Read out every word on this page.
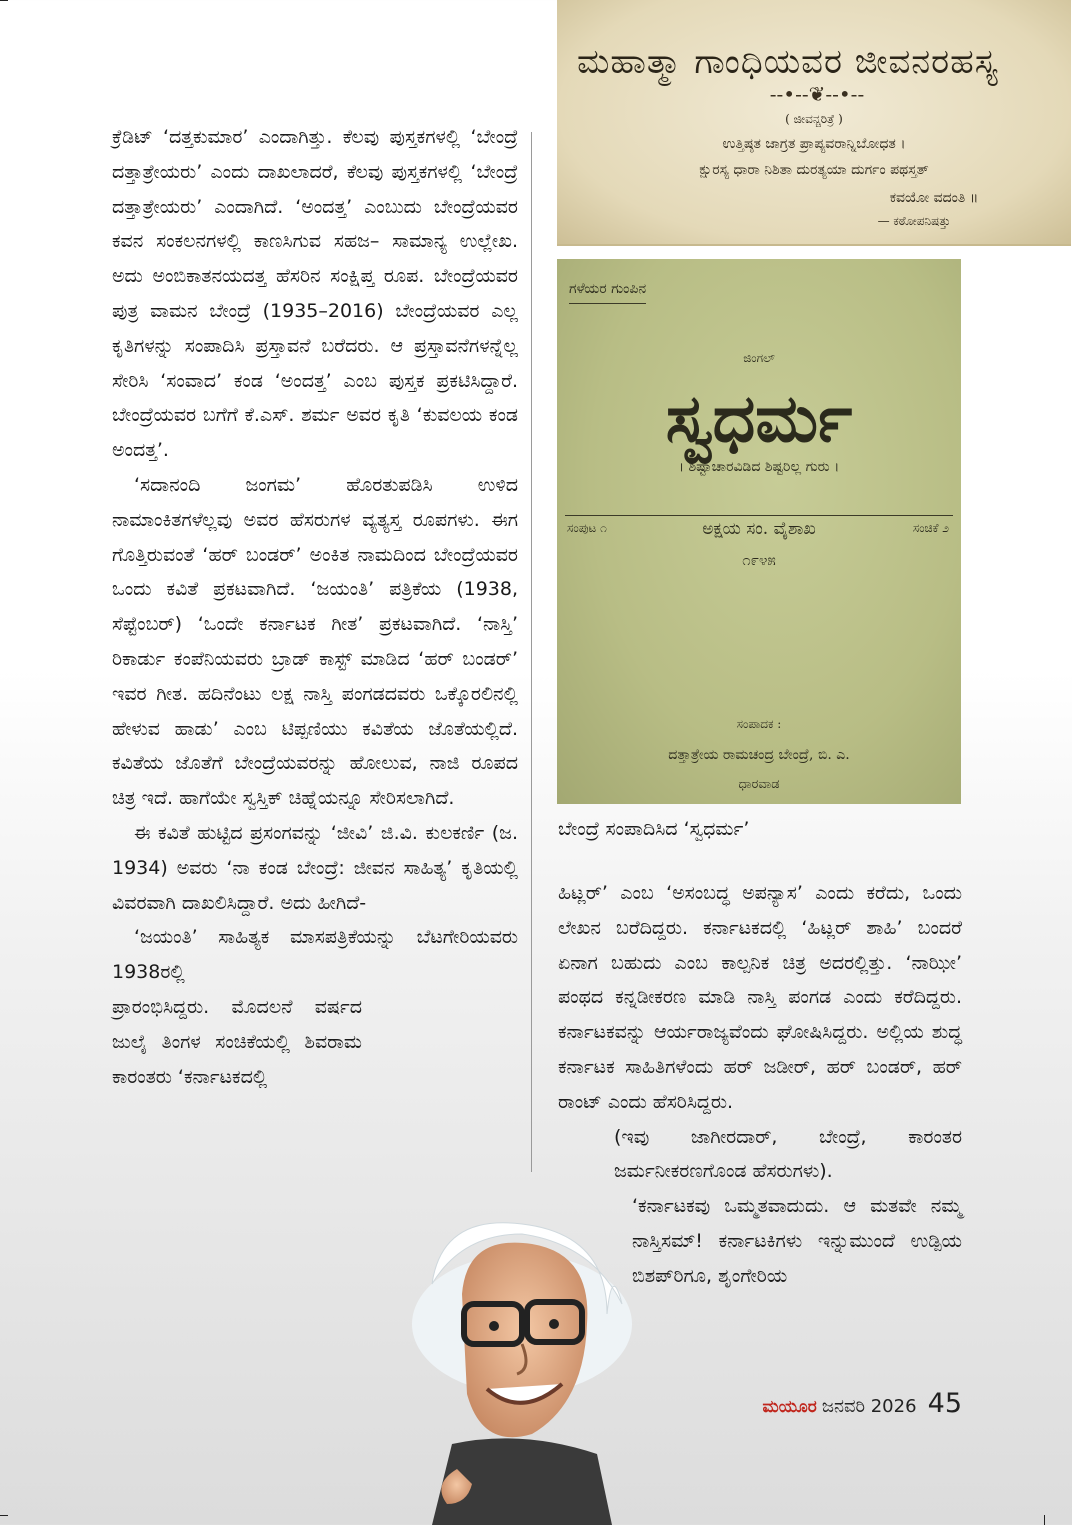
ಮಹಾತ್ಮಾ ಗಾಂಧಿಯವರ ಜೀವನರಹಸ್ಯ
--•--❦--•--
( ಜೀವನ್ಚರಿತ್ರೆ )
ಉತ್ತಿಷ್ಠತ ಜಾಗ್ರತ ಪ್ರಾಪ್ಯವರಾನ್ನಿಬೋಧತ ।
ಕ್ಷುರಸ್ಯ ಧಾರಾ ನಿಶಿತಾ ದುರತ್ಯಯಾ ದುರ್ಗಂ ಪಥಸ್ತತ್
ಕವಯೋ ವದಂತಿ ॥
— ಕಠೋಪನಿಷತ್ತು
ಗಳೆಯರ ಗುಂಪಿನ
ಜಿಂಗಲ್
ಸ್ವಧರ್ಮ
। ಶಿಷ್ಟಾಚಾರವಿಡಿದ ಶಿಷ್ಟರಿಲ್ಲ ಗುರು ।
ಸಂಪುಟ ೧	ಸಂಚಿಕೆ ೨
ಅಕ್ಷಯ ಸಂ. ವೈಶಾಖ
೧೯೪೫
ಸಂಪಾದಕ :
ದತ್ತಾತ್ರೇಯ ರಾಮಚಂದ್ರ ಬೇಂದ್ರೆ, ಬಿ. ಎ.
ಧಾರವಾಡ
ಬೇಂದ್ರೆ ಸಂಪಾದಿಸಿದ ‘ಸ್ವಧರ್ಮ’

ಕ್ರೆಡಿಟ್ ‘ದತ್ತಕುಮಾರ’ ಎಂದಾಗಿತ್ತು. ಕೆಲವು ಪುಸ್ತಕಗಳಲ್ಲಿ ‘ಬೇಂದ್ರೆ ದತ್ತಾತ್ರೇಯರು’ ಎಂದು ದಾಖಲಾದರೆ, ಕೆಲವು ಪುಸ್ತಕಗಳಲ್ಲಿ ‘ಬೇಂದ್ರೆ ದತ್ತಾತ್ರೇಯರು’ ಎಂದಾಗಿದೆ. ‘ಅಂದತ್ತ’ ಎಂಬುದು ಬೇಂದ್ರೆಯವರ ಕವನ ಸಂಕಲನಗಳಲ್ಲಿ ಕಾಣಸಿಗುವ ಸಹಜ– ಸಾಮಾನ್ಯ ಉಲ್ಲೇಖ. ಅದು ಅಂಬಿಕಾತನಯದತ್ತ ಹೆಸರಿನ ಸಂಕ್ಷಿಪ್ತ ರೂಪ. ಬೇಂದ್ರೆಯವರ ಪುತ್ರ ವಾಮನ ಬೇಂದ್ರೆ (1935–2016) ಬೇಂದ್ರೆಯವರ ಎಲ್ಲ ಕೃತಿಗಳನ್ನು ಸಂಪಾದಿಸಿ ಪ್ರಸ್ತಾವನೆ ಬರೆದರು. ಆ ಪ್ರಸ್ತಾವನೆಗಳನ್ನೆಲ್ಲ ಸೇರಿಸಿ ‘ಸಂವಾದ’ ಕಂಡ ‘ಅಂದತ್ತ’ ಎಂಬ ಪುಸ್ತಕ ಪ್ರಕಟಿಸಿದ್ದಾರೆ. ಬೇಂದ್ರೆಯವರ ಬಗೆಗೆ ಕೆ.ಎಸ್. ಶರ್ಮ ಅವರ ಕೃತಿ ‘ಕುವಲಯ ಕಂಡ ಅಂದತ್ತ’.

‘ಸದಾನಂದಿ ಜಂಗಮ’ ಹೊರತುಪಡಿಸಿ ಉಳಿದ ನಾಮಾಂಕಿತಗಳೆಲ್ಲವು ಅವರ ಹೆಸರುಗಳ ವ್ಯತ್ಯಸ್ತ ರೂಪಗಳು. ಈಗ ಗೊತ್ತಿರುವಂತೆ ‘ಹರ್ ಬಂಡರ್’ ಅಂಕಿತ ನಾಮದಿಂದ ಬೇಂದ್ರೆಯವರ ಒಂದು ಕವಿತೆ ಪ್ರಕಟವಾಗಿದೆ. ‘ಜಯಂತಿ’ ಪತ್ರಿಕೆಯ (1938, ಸೆಪ್ಟೆಂಬರ್) ‘ಒಂದೇ ಕರ್ನಾಟಕ ಗೀತ’ ಪ್ರಕಟವಾಗಿದೆ. ‘ನಾಸ್ತಿ’ ರಿಕಾರ್ಡು ಕಂಪೆನಿಯವರು ಬ್ರಾಡ್ ಕಾಸ್ಟ್ ಮಾಡಿದ ‘ಹರ್ ಬಂಡರ್’ ಇವರ ಗೀತ. ಹದಿನೆಂಟು ಲಕ್ಷ ನಾಸ್ತಿ ಪಂಗಡದವರು ಒಕ್ಕೊರಲಿನಲ್ಲಿ ಹೇಳುವ ಹಾಡು’ ಎಂಬ ಟಿಪ್ಪಣಿಯು ಕವಿತೆಯ ಜೊತೆಯಲ್ಲಿದೆ. ಕವಿತೆಯ ಜೊತೆಗೆ ಬೇಂದ್ರೆಯವರನ್ನು ಹೋಲುವ, ನಾಜಿ ರೂಪದ ಚಿತ್ರ ಇದೆ. ಹಾಗೆಯೇ ಸ್ವಸ್ತಿಕ್ ಚಿಹ್ನೆಯನ್ನೂ ಸೇರಿಸಲಾಗಿದೆ.

ಈ ಕವಿತೆ ಹುಟ್ಟಿದ ಪ್ರಸಂಗವನ್ನು ‘ಜೀವಿ’ ಜಿ.ವಿ. ಕುಲಕರ್ಣಿ (ಜ. 1934) ಅವರು ‘ನಾ ಕಂಡ ಬೇಂದ್ರೆ: ಜೀವನ ಸಾಹಿತ್ಯ’ ಕೃತಿಯಲ್ಲಿ ವಿವರವಾಗಿ ದಾಖಲಿಸಿದ್ದಾರೆ. ಅದು ಹೀಗಿದೆ-

‘ಜಯಂತಿ’ ಸಾಹಿತ್ಯಕ ಮಾಸಪತ್ರಿಕೆಯನ್ನು ಬೆಟಗೇರಿಯವರು 1938ರಲ್ಲಿ

ಪ್ರಾರಂಭಿಸಿದ್ದರು. ಮೊದಲನೆ ವರ್ಷದ ಜುಲೈ ತಿಂಗಳ ಸಂಚಿಕೆಯಲ್ಲಿ ಶಿವರಾಮ ಕಾರಂತರು ‘ಕರ್ನಾಟಕದಲ್ಲಿ

ಹಿಟ್ಲರ್’ ಎಂಬ ‘ಅಸಂಬದ್ಧ ಅಪನ್ಯಾಸ’ ಎಂದು ಕರೆದು, ಒಂದು ಲೇಖನ ಬರೆದಿದ್ದರು. ಕರ್ನಾಟಕದಲ್ಲಿ ‘ಹಿಟ್ಲರ್ ಶಾಹಿ’ ಬಂದರೆ ಏನಾಗ ಬಹುದು ಎಂಬ ಕಾಲ್ಪನಿಕ ಚಿತ್ರ ಅದರಲ್ಲಿತ್ತು. ‘ನಾಝೀ’ ಪಂಥದ ಕನ್ನಡೀಕರಣ ಮಾಡಿ ನಾಸ್ತಿ ಪಂಗಡ ಎಂದು ಕರೆದಿದ್ದರು. ಕರ್ನಾಟಕವನ್ನು ಆರ್ಯರಾಜ್ಯವೆಂದು ಘೋಷಿಸಿದ್ದರು. ಅಲ್ಲಿಯ ಶುದ್ಧ ಕರ್ನಾಟಕ ಸಾಹಿತಿಗಳೆಂದು ಹರ್ ಜಡೀರ್, ಹರ್ ಬಂಡರ್, ಹರ್ ರಾಂಟ್ ಎಂದು ಹೆಸರಿಸಿದ್ದರು.

(ಇವು ಜಾಗೀರದಾರ್, ಬೇಂದ್ರೆ, ಕಾರಂತರ ಜರ್ಮನೀಕರಣಗೊಂಡ ಹೆಸರುಗಳು).

‘ಕರ್ನಾಟಕವು ಒಮ್ಮತವಾದುದು. ಆ ಮತವೇ ನಮ್ಮ ನಾಸ್ತಿಸಮ್! ಕರ್ನಾಟಕಿಗಳು ಇನ್ನುಮುಂದೆ ಉಡ್ಪಿಯ ಬಿಶಪ್‌ರಿಗೂ, ಶೃಂಗೇರಿಯ

ಮಯೂರ ಜನವರಿ 2026 45
